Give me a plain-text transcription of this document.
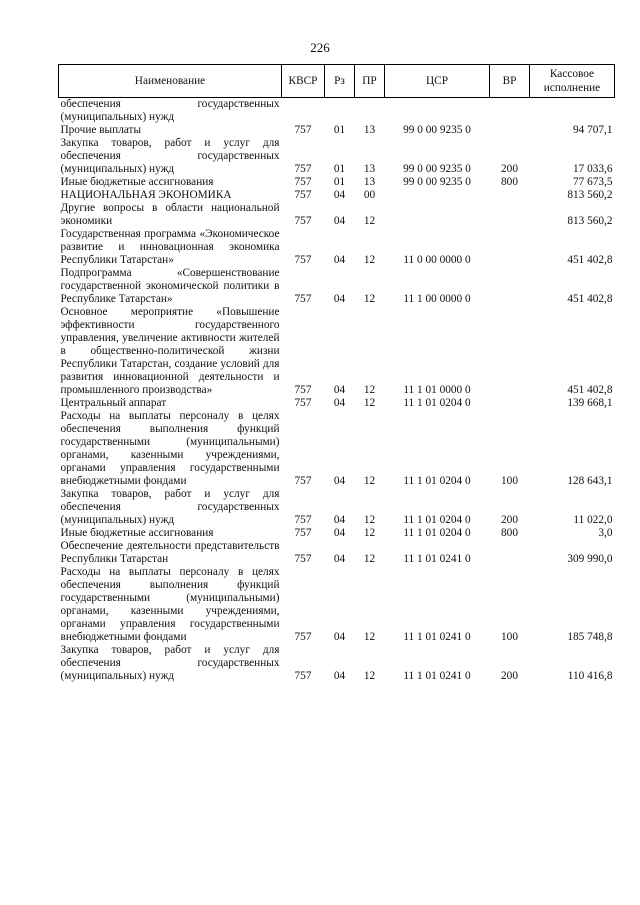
226
Наименование	КВСР	Рз	ПР	ЦСР	ВР	Кассовое исполнение
обеспечения государственных (муниципальных) нужд						
Прочие выплаты	757	01	13	99 0 00 9235 0		94 707,1
Закупка товаров, работ и услуг для обеспечения государственных (муниципальных) нужд	757	01	13	99 0 00 9235 0	200	17 033,6
Иные бюджетные ассигнования	757	01	13	99 0 00 9235 0	800	77 673,5
НАЦИОНАЛЬНАЯ ЭКОНОМИКА	757	04	00			813 560,2
Другие вопросы в области национальной экономики	757	04	12			813 560,2
Государственная программа «Экономическое развитие и инновационная экономика Республики Татарстан»	757	04	12	11 0 00 0000 0		451 402,8
Подпрограмма «Совершенствование государственной экономической политики в Республике Татарстан»	757	04	12	11 1 00 0000 0		451 402,8
Основное мероприятие «Повышение эффективности государственного управления, увеличение активности жителей в общественно-политической жизни Республики Татарстан, создание условий для развития инновационной деятельности и промышленного производства»	757	04	12	11 1 01 0000 0		451 402,8
Центральный аппарат	757	04	12	11 1 01 0204 0		139 668,1
Расходы на выплаты персоналу в целях обеспечения выполнения функций государственными (муниципальными) органами, казенными учреждениями, органами управления государственными внебюджетными фондами	757	04	12	11 1 01 0204 0	100	128 643,1
Закупка товаров, работ и услуг для обеспечения государственных (муниципальных) нужд	757	04	12	11 1 01 0204 0	200	11 022,0
Иные бюджетные ассигнования	757	04	12	11 1 01 0204 0	800	3,0
Обеспечение деятельности представительств Республики Татарстан	757	04	12	11 1 01 0241 0		309 990,0
Расходы на выплаты персоналу в целях обеспечения выполнения функций государственными (муниципальными) органами, казенными учреждениями, органами управления государственными внебюджетными фондами	757	04	12	11 1 01 0241 0	100	185 748,8
Закупка товаров, работ и услуг для обеспечения государственных (муниципальных) нужд	757	04	12	11 1 01 0241 0	200	110 416,8
